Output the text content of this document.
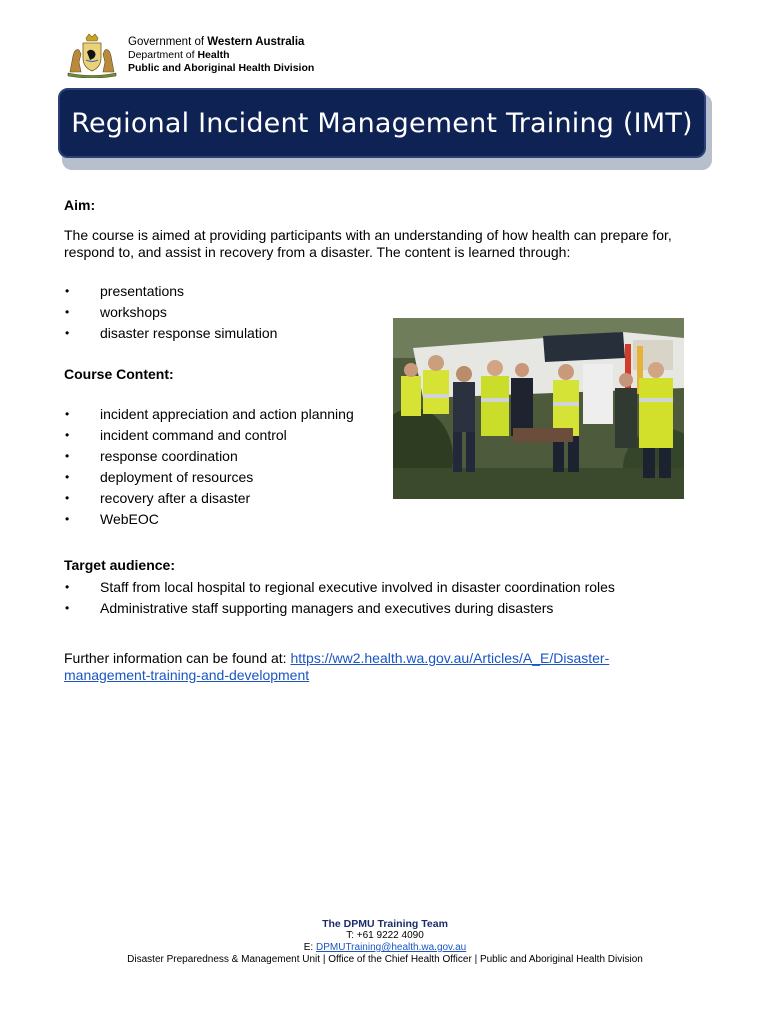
Government of Western Australia
Department of Health
Public and Aboriginal Health Division
Regional Incident Management Training (IMT)
Aim:
The course is aimed at providing participants with an understanding of how health can prepare for, respond to, and assist in recovery from a disaster. The content is learned through:
• presentations
• workshops
• disaster response simulation
Course Content:
• incident appreciation and action planning
• incident command and control
• response coordination
• deployment of resources
• recovery after a disaster
• WebEOC
Target audience:
• Staff from local hospital to regional executive involved in disaster coordination roles
• Administrative staff supporting managers and executives during disasters
Further information can be found at: https://ww2.health.wa.gov.au/Articles/A_E/Disaster-
management-training-and-development
The DPMU Training Team
T: +61 9222 4090
E: DPMUTraining@health.wa.gov.au
Disaster Preparedness & Management Unit | Office of the Chief Health Officer | Public and Aboriginal Health Division
